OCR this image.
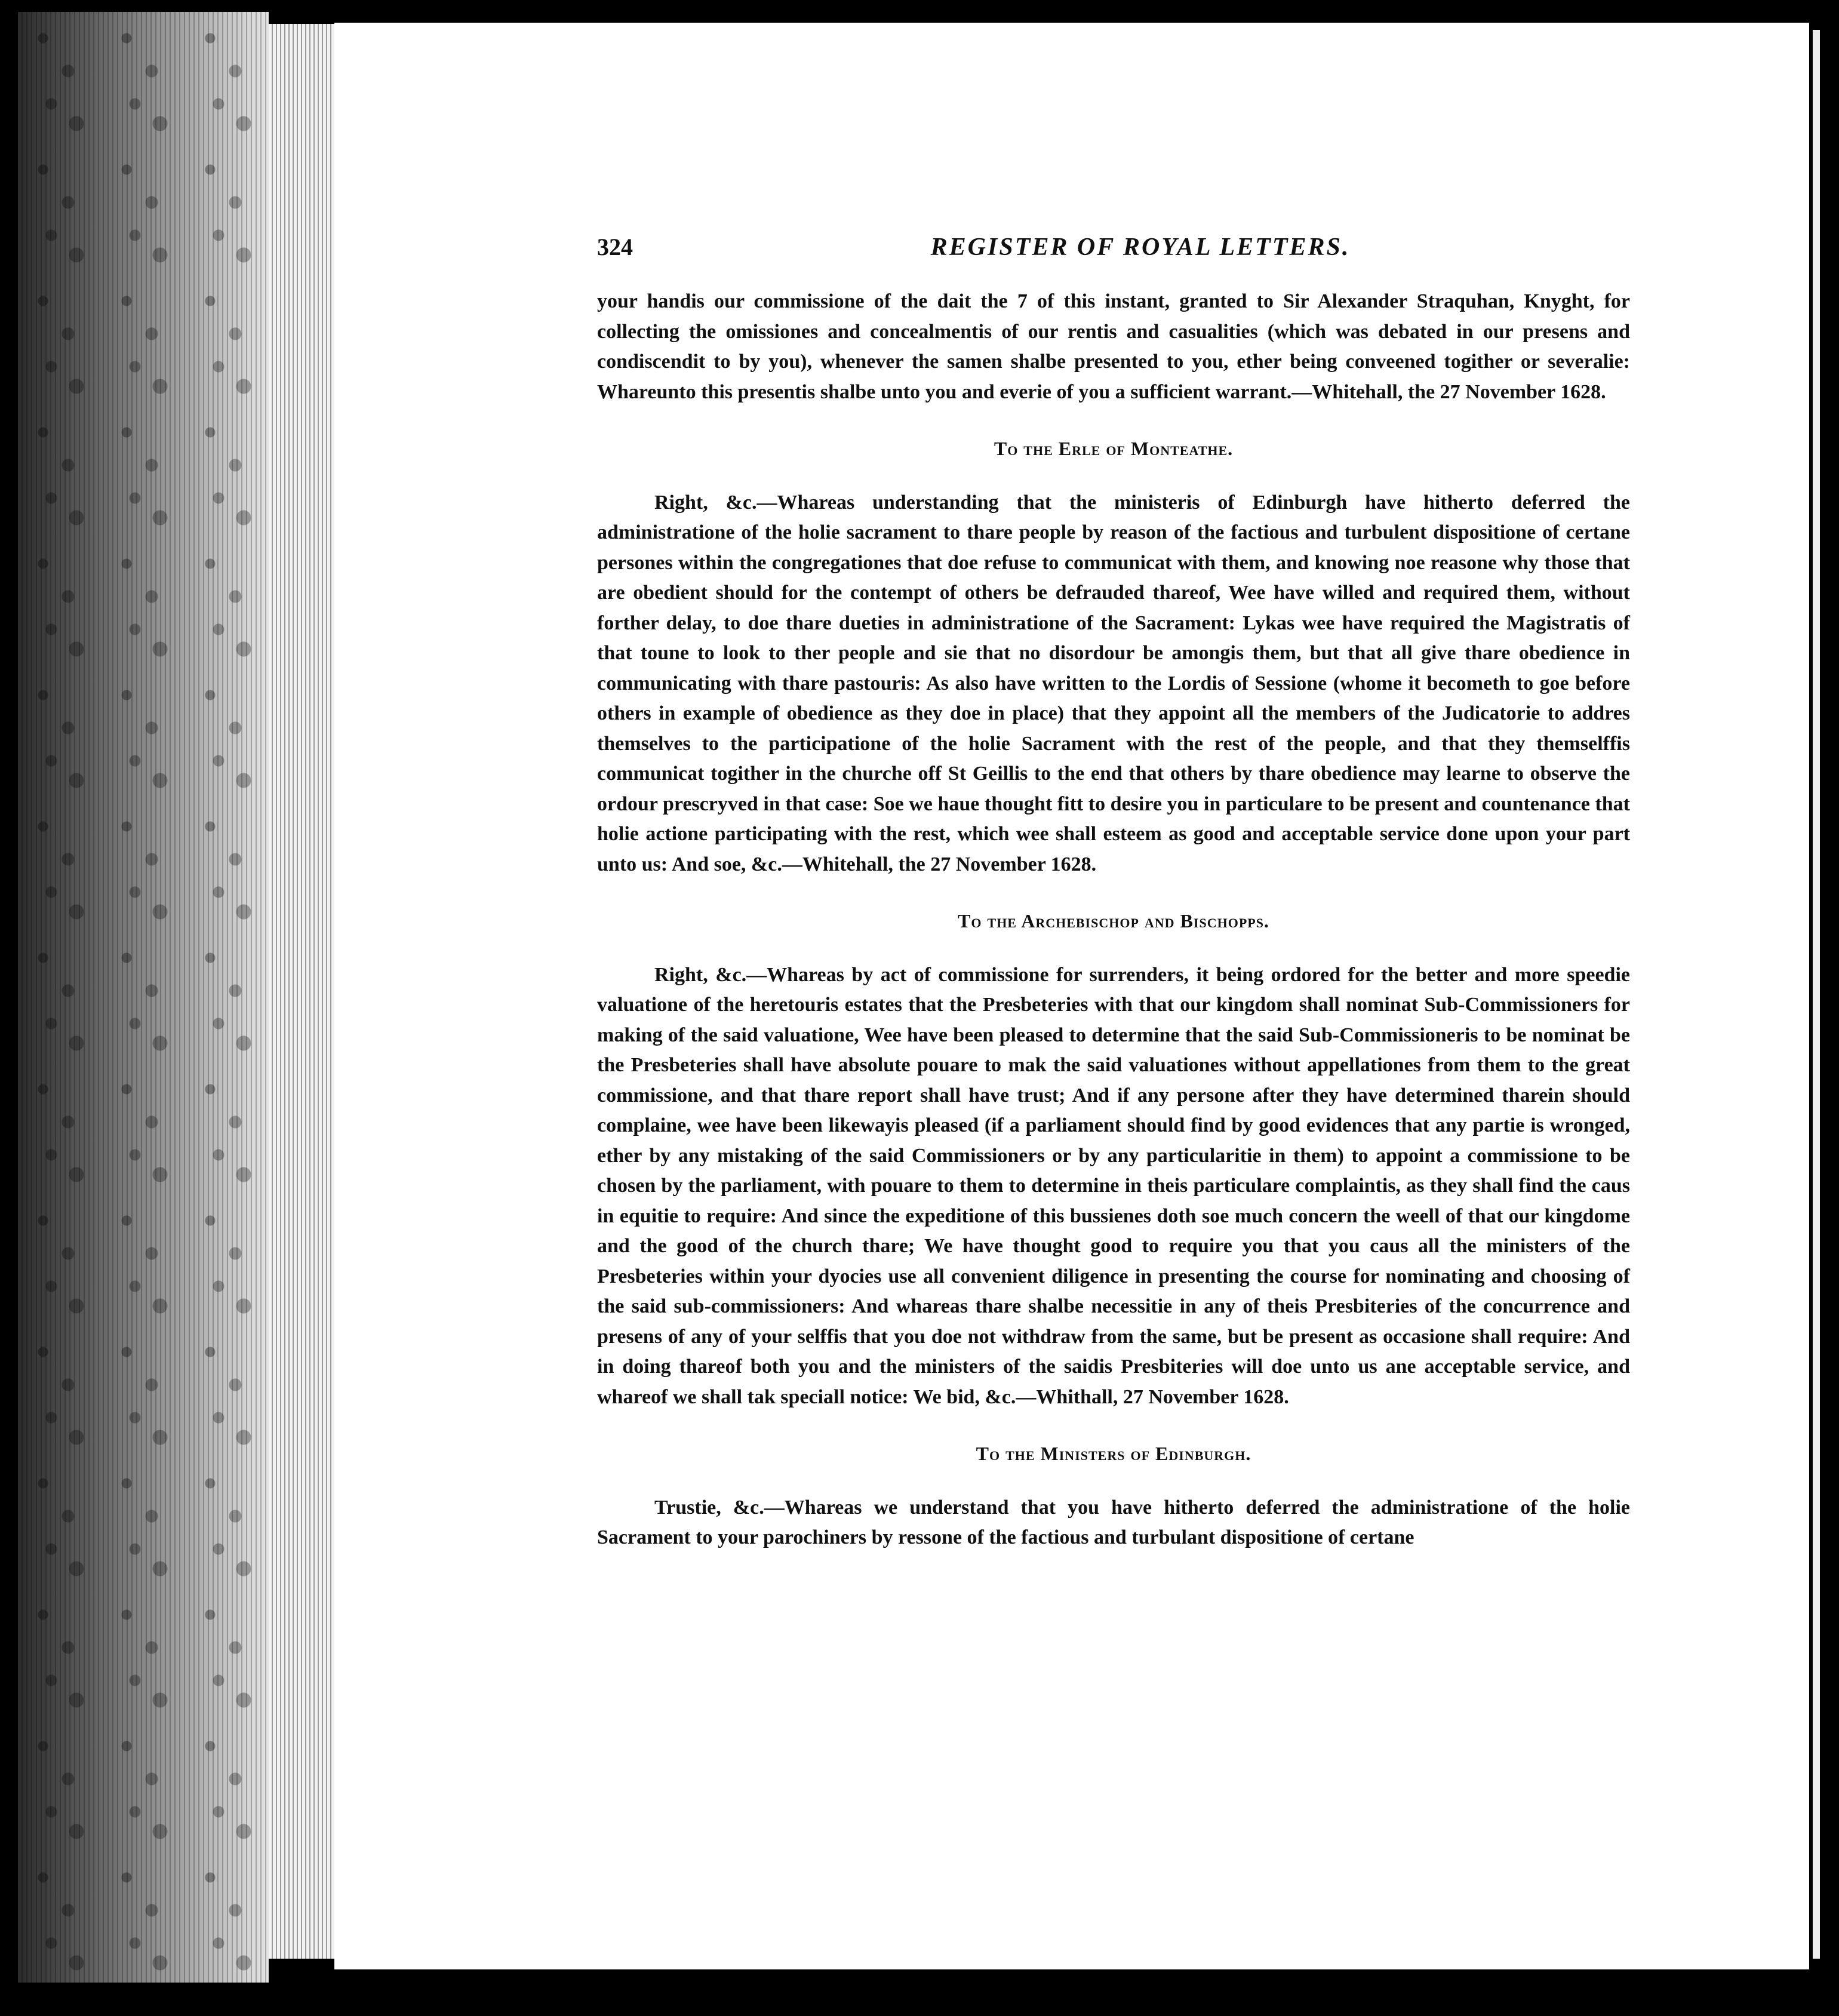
324	REGISTER OF ROYAL LETTERS.

your handis our commissione of the dait the 7 of this instant, granted to Sir Alexander Straquhan, Knyght, for collecting the omissiones and concealmentis of our rentis and casualities (which was debated in our presens and condiscendit to by you), whenever the samen shalbe presented to you, ether being conveened togither or severalie: Whareunto this presentis shalbe unto you and everie of you a sufficient warrant.—Whitehall, the 27 November 1628.

To the Erle of Monteathe.

Right, &c.—Whareas understanding that the ministeris of Edinburgh have hitherto deferred the administratione of the holie sacrament to thare people by reason of the factious and turbulent dispositione of certane persones within the congregationes that doe refuse to communicat with them, and knowing noe reasone why those that are obedient should for the contempt of others be defrauded thareof, Wee have willed and required them, without forther delay, to doe thare dueties in administratione of the Sacrament: Lykas wee have required the Magistratis of that toune to look to ther people and sie that no disordour be amongis them, but that all give thare obedience in communicating with thare pastouris: As also have written to the Lordis of Sessione (whome it becometh to goe before others in example of obedience as they doe in place) that they appoint all the members of the Judicatorie to addres themselves to the participatione of the holie Sacrament with the rest of the people, and that they themselffis communicat togither in the churche off St Geillis to the end that others by thare obedience may learne to observe the ordour prescryved in that case: Soe we haue thought fitt to desire you in particulare to be present and countenance that holie actione participating with the rest, which wee shall esteem as good and acceptable service done upon your part unto us: And soe, &c.—Whitehall, the 27 November 1628.

To the Archebischop and Bischopps.

Right, &c.—Whareas by act of commissione for surrenders, it being ordored for the better and more speedie valuatione of the heretouris estates that the Presbeteries with that our kingdom shall nominat Sub-Commissioners for making of the said valuatione, Wee have been pleased to determine that the said Sub-Commissioneris to be nominat be the Presbeteries shall have absolute pouare to mak the said valuationes without appellationes from them to the great commissione, and that thare report shall have trust; And if any persone after they have determined tharein should complaine, wee have been likewayis pleased (if a parliament should find by good evidences that any partie is wronged, ether by any mistaking of the said Commissioners or by any particularitie in them) to appoint a commissione to be chosen by the parliament, with pouare to them to determine in theis particulare complaintis, as they shall find the caus in equitie to require: And since the expeditione of this bussienes doth soe much concern the weell of that our kingdome and the good of the church thare; We have thought good to require you that you caus all the ministers of the Presbeteries within your dyocies use all convenient diligence in presenting the course for nominating and choosing of the said sub-commissioners: And whareas thare shalbe necessitie in any of theis Presbiteries of the concurrence and presens of any of your selffis that you doe not withdraw from the same, but be present as occasione shall require: And in doing thareof both you and the ministers of the saidis Presbiteries will doe unto us ane acceptable service, and whareof we shall tak speciall notice: We bid, &c.—Whithall, 27 November 1628.

To the Ministers of Edinburgh.

Trustie, &c.—Whareas we understand that you have hitherto deferred the administratione of the holie Sacrament to your parochiners by ressone of the factious and turbulant dispositione of certane
